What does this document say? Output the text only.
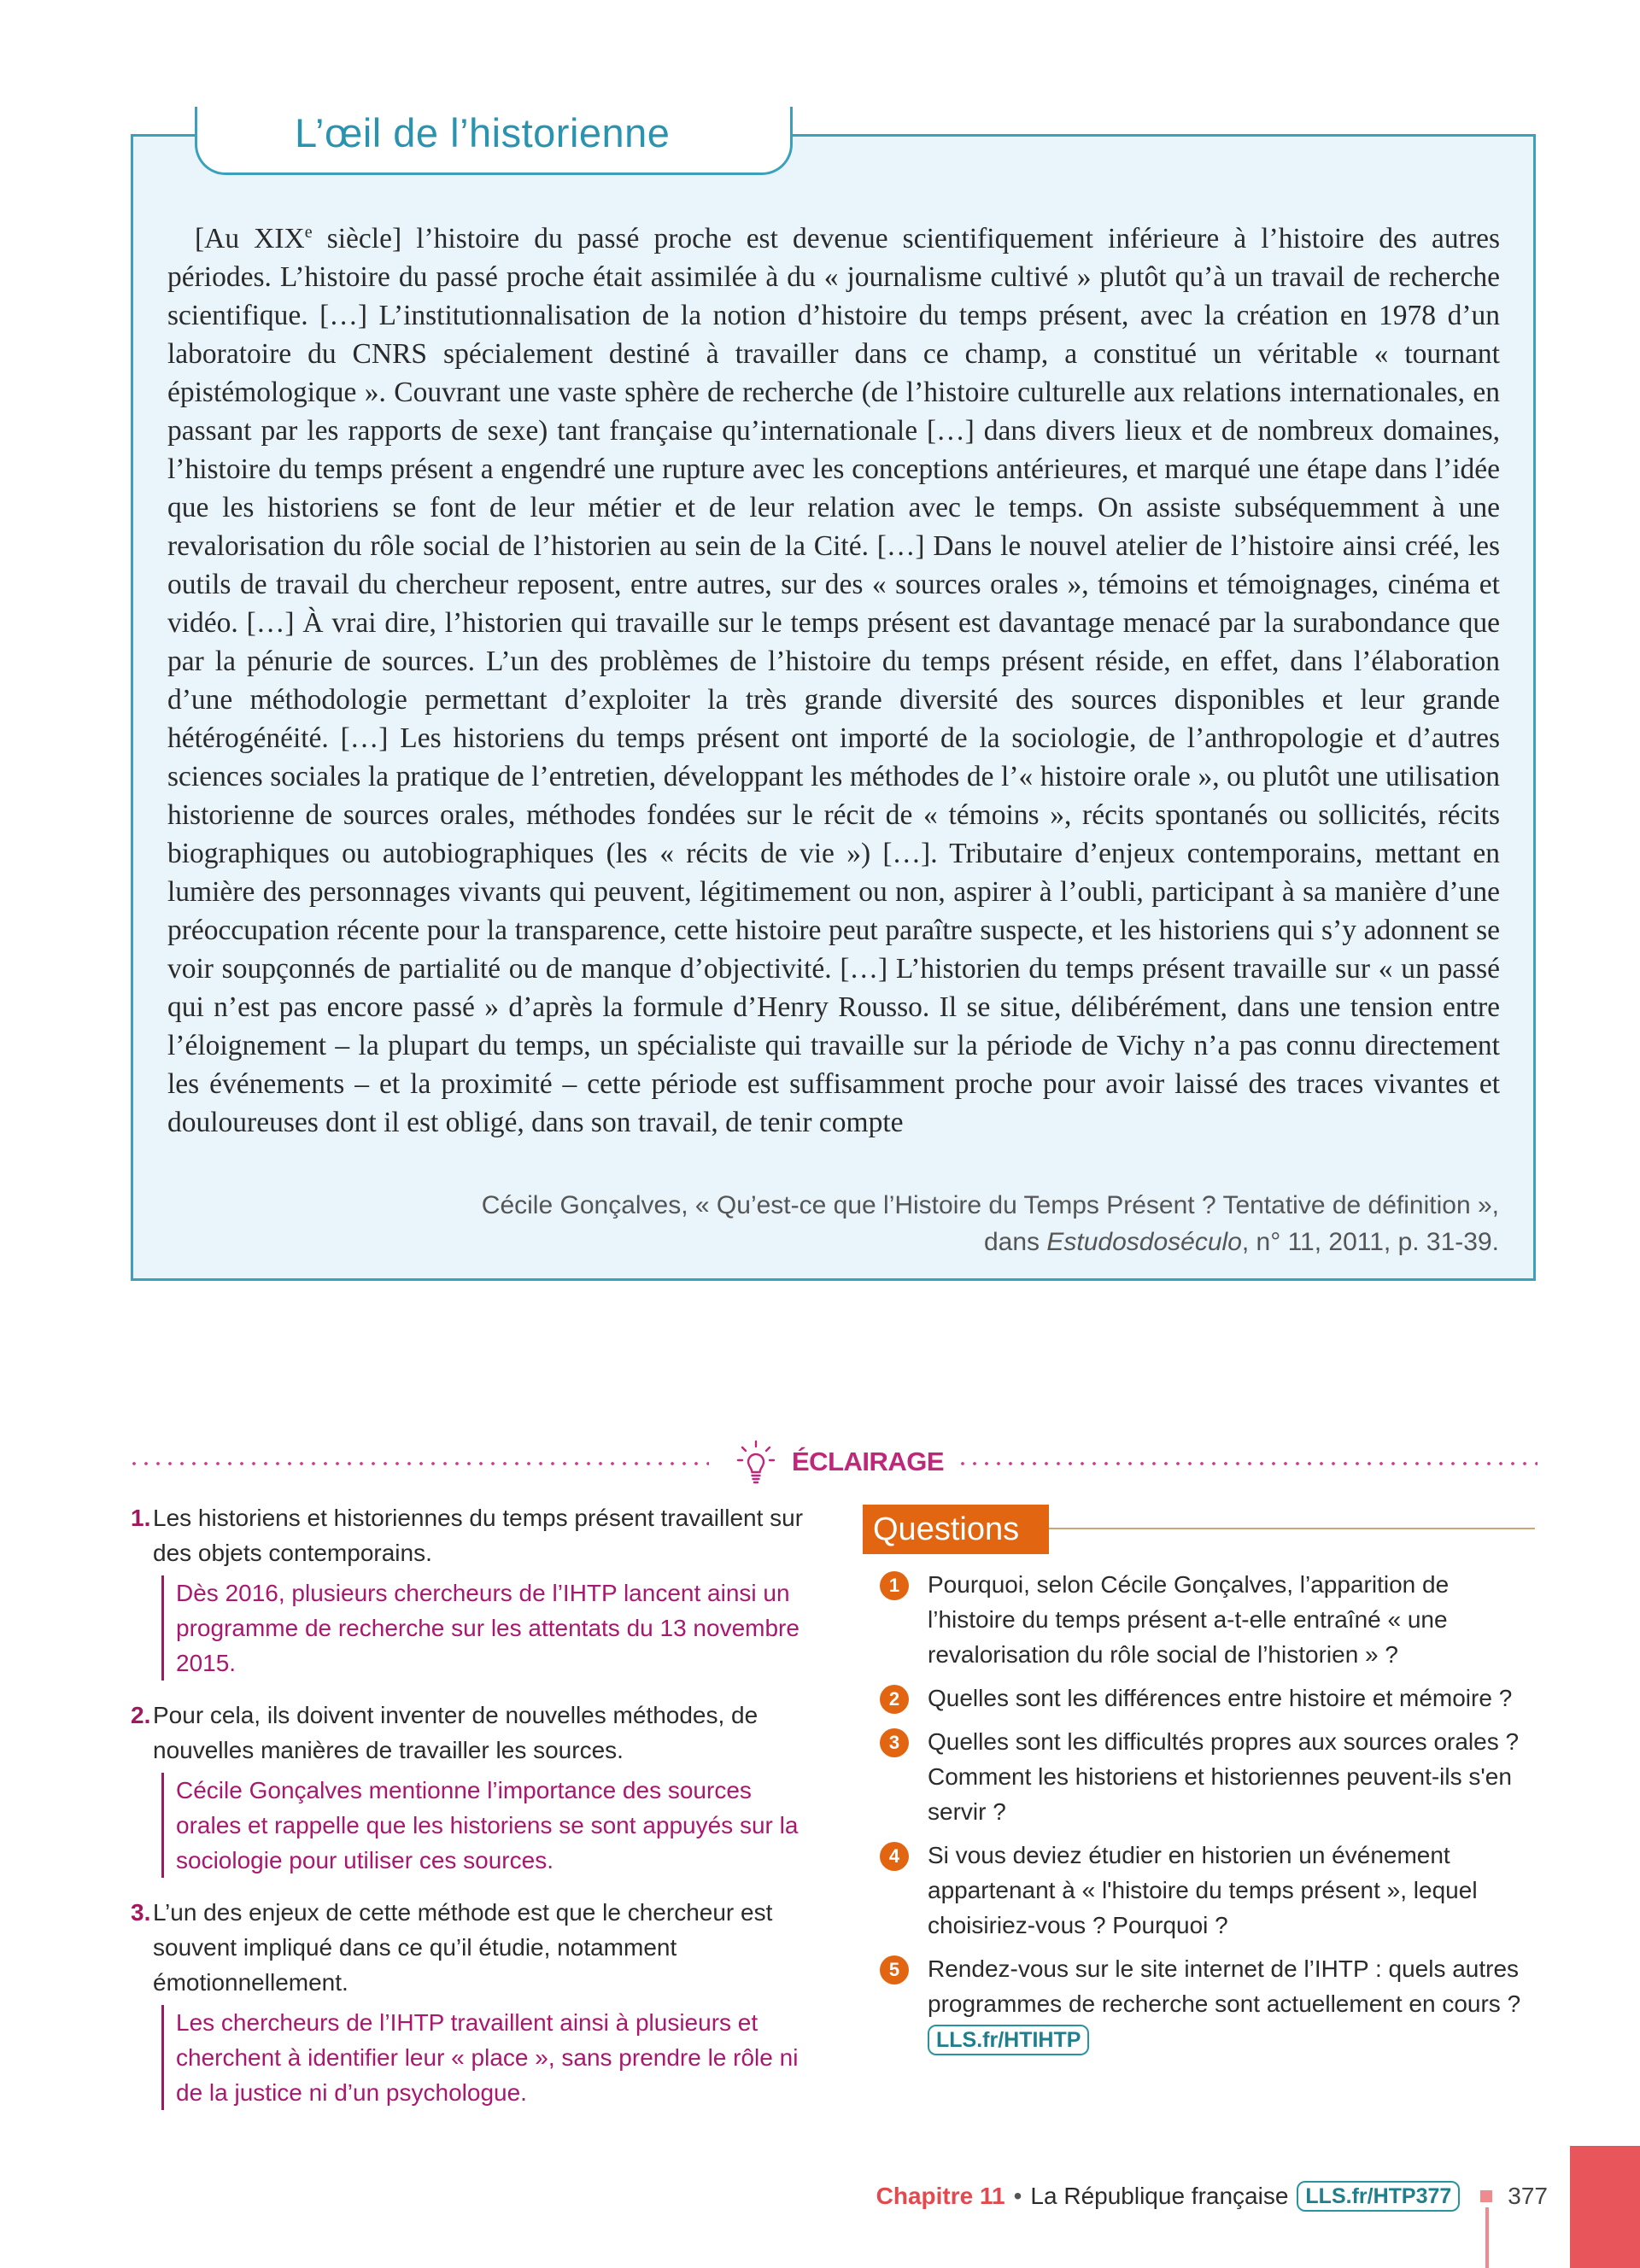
L’œil de l’historienne

[Au XIXe siècle] l’histoire du passé proche est devenue scientifiquement inférieure à l’histoire des autres périodes. L’histoire du passé proche était assimilée à du « journalisme cultivé » plutôt qu’à un travail de recherche scientifique. […] L’institutionnalisation de la notion d’histoire du temps présent, avec la création en 1978 d’un laboratoire du CNRS spécialement destiné à travailler dans ce champ, a constitué un véritable « tournant épistémologique ». Couvrant une vaste sphère de recherche (de l’histoire culturelle aux relations internationales, en passant par les rapports de sexe) tant française qu’internationale […] dans divers lieux et de nombreux domaines, l’histoire du temps présent a engendré une rupture avec les conceptions antérieures, et marqué une étape dans l’idée que les historiens se font de leur métier et de leur relation avec le temps. On assiste subséquemment à une revalorisation du rôle social de l’historien au sein de la Cité. […] Dans le nouvel atelier de l’histoire ainsi créé, les outils de travail du chercheur reposent, entre autres, sur des « sources orales », témoins et témoignages, cinéma et vidéo. […] À vrai dire, l’historien qui travaille sur le temps présent est davantage menacé par la surabondance que par la pénurie de sources. L’un des problèmes de l’histoire du temps présent réside, en effet, dans l’élaboration d’une méthodologie permettant d’exploiter la très grande diversité des sources disponibles et leur grande hétérogénéité. […] Les historiens du temps présent ont importé de la sociologie, de l’anthropologie et d’autres sciences sociales la pratique de l’entretien, développant les méthodes de l’« histoire orale », ou plutôt une utilisation historienne de sources orales, méthodes fondées sur le récit de « témoins », récits spontanés ou sollicités, récits biographiques ou autobiographiques (les « récits de vie ») […]. Tributaire d’enjeux contemporains, mettant en lumière des personnages vivants qui peuvent, légitimement ou non, aspirer à l’oubli, participant à sa manière d’une préoccupation récente pour la transparence, cette histoire peut paraître suspecte, et les historiens qui s’y adonnent se voir soupçonnés de partialité ou de manque d’objectivité. […] L’historien du temps présent travaille sur « un passé qui n’est pas encore passé » d’après la formule d’Henry Rousso. Il se situe, délibérément, dans une tension entre l’éloignement – la plupart du temps, un spécialiste qui travaille sur la période de Vichy n’a pas connu directement les événements – et la proximité – cette période est suffisamment proche pour avoir laissé des traces vivantes et douloureuses dont il est obligé, dans son travail, de tenir compte

Cécile Gonçalves, « Qu’est-ce que l’Histoire du Temps Présent ? Tentative de définition »,
dans Estudosdoséculo, n° 11, 2011, p. 31-39.
ÉCLAIRAGE
1. Les historiens et historiennes du temps présent travaillent sur des objets contemporains.
Dès 2016, plusieurs chercheurs de l’IHTP lancent ainsi un programme de recherche sur les attentats du 13 novembre 2015.
2. Pour cela, ils doivent inventer de nouvelles méthodes, de nouvelles manières de travailler les sources.
Cécile Gonçalves mentionne l’importance des sources orales et rappelle que les historiens se sont appuyés sur la sociologie pour utiliser ces sources.
3. L’un des enjeux de cette méthode est que le chercheur est souvent impliqué dans ce qu’il étudie, notamment émotionnellement.
Les chercheurs de l’IHTP travaillent ainsi à plusieurs et cherchent à identifier leur « place », sans prendre le rôle ni de la justice ni d’un psychologue.
Questions
1	Pourquoi, selon Cécile Gonçalves, l’apparition de l’histoire du temps présent a-t-elle entraîné « une revalorisation du rôle social de l’historien » ?
2	Quelles sont les différences entre histoire et mémoire ?
3	Quelles sont les difficultés propres aux sources orales ? Comment les historiens et historiennes peuvent-ils s'en servir ?
4	Si vous deviez étudier en historien un événement appartenant à « l'histoire du temps présent », lequel choisiriez-vous ? Pourquoi ?
5	Rendez-vous sur le site internet de l’IHTP : quels autres programmes de recherche sont actuellement en cours ? LLS.fr/HTIHTP
Chapitre 11 • La République française LLS.fr/HTP377	377
